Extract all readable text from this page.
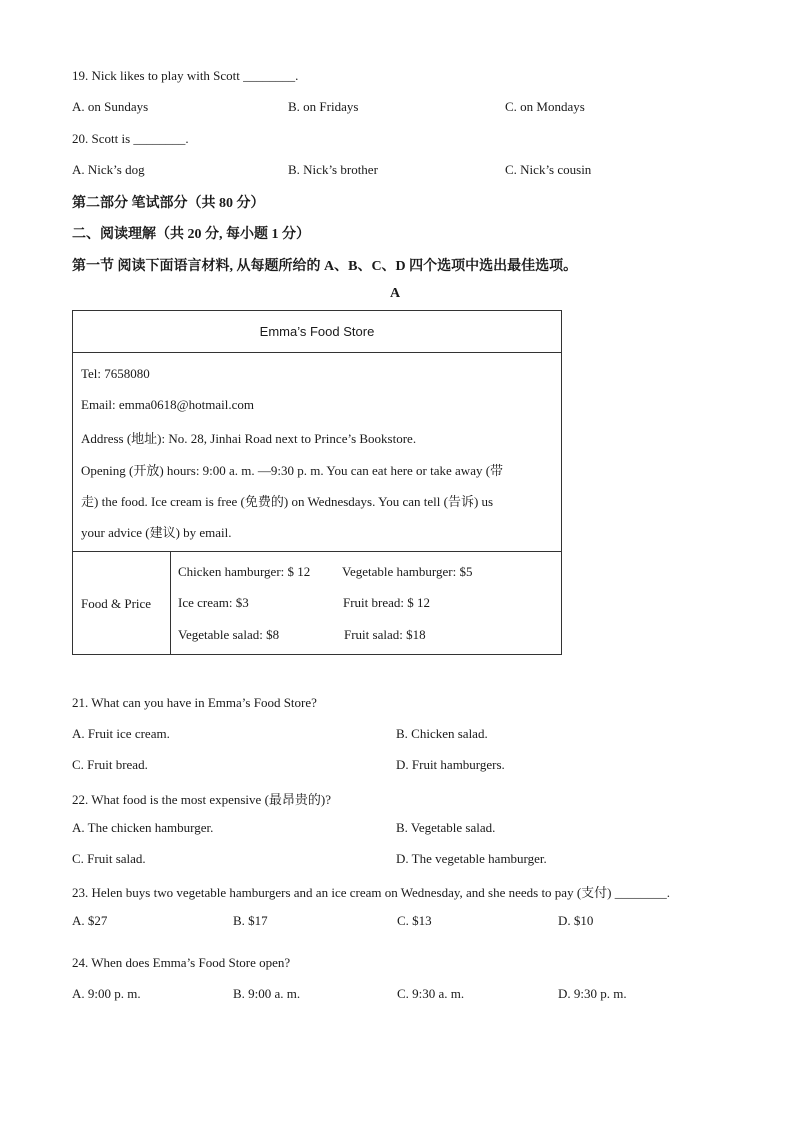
19. Nick likes to play with Scott ________.
A. on Sundays	B. on Fridays	C. on Mondays
20. Scott is ________.
A. Nick’s dog	B. Nick’s brother	C. Nick’s cousin
第二部分 笔试部分（共 80 分）
二、阅读理解（共 20 分, 每小题 1 分）
第一节 阅读下面语言材料, 从每题所给的 A、B、C、D 四个选项中选出最佳选项。
A
Emma’s Food Store
Tel: 7658080
Email: emma0618@hotmail.com
Address (地址): No. 28, Jinhai Road next to Prince’s Bookstore.
Opening (开放) hours: 9:00 a. m. —9:30 p. m. You can eat here or take away (带
走) the food. Ice cream is free (免费的) on Wednesdays. You can tell (告诉) us
your advice (建议) by email.
Food & Price
Chicken hamburger: $ 12 Vegetable hamburger: $5
Ice cream: $3	Fruit bread: $ 12
Vegetable salad: $8	Fruit salad: $18
21. What can you have in Emma’s Food Store?
A. Fruit ice cream.	B. Chicken salad.
C. Fruit bread.	D. Fruit hamburgers.
22. What food is the most expensive (最昂贵的)?
A. The chicken hamburger.	B. Vegetable salad.
C. Fruit salad.	D. The vegetable hamburger.
23. Helen buys two vegetable hamburgers and an ice cream on Wednesday, and she needs to pay (支付) ________.
A. $27	B. $17	C. $13	D. $10
24. When does Emma’s Food Store open?
A. 9:00 p. m.	B. 9:00 a. m.	C. 9:30 a. m.	D. 9:30 p. m.
